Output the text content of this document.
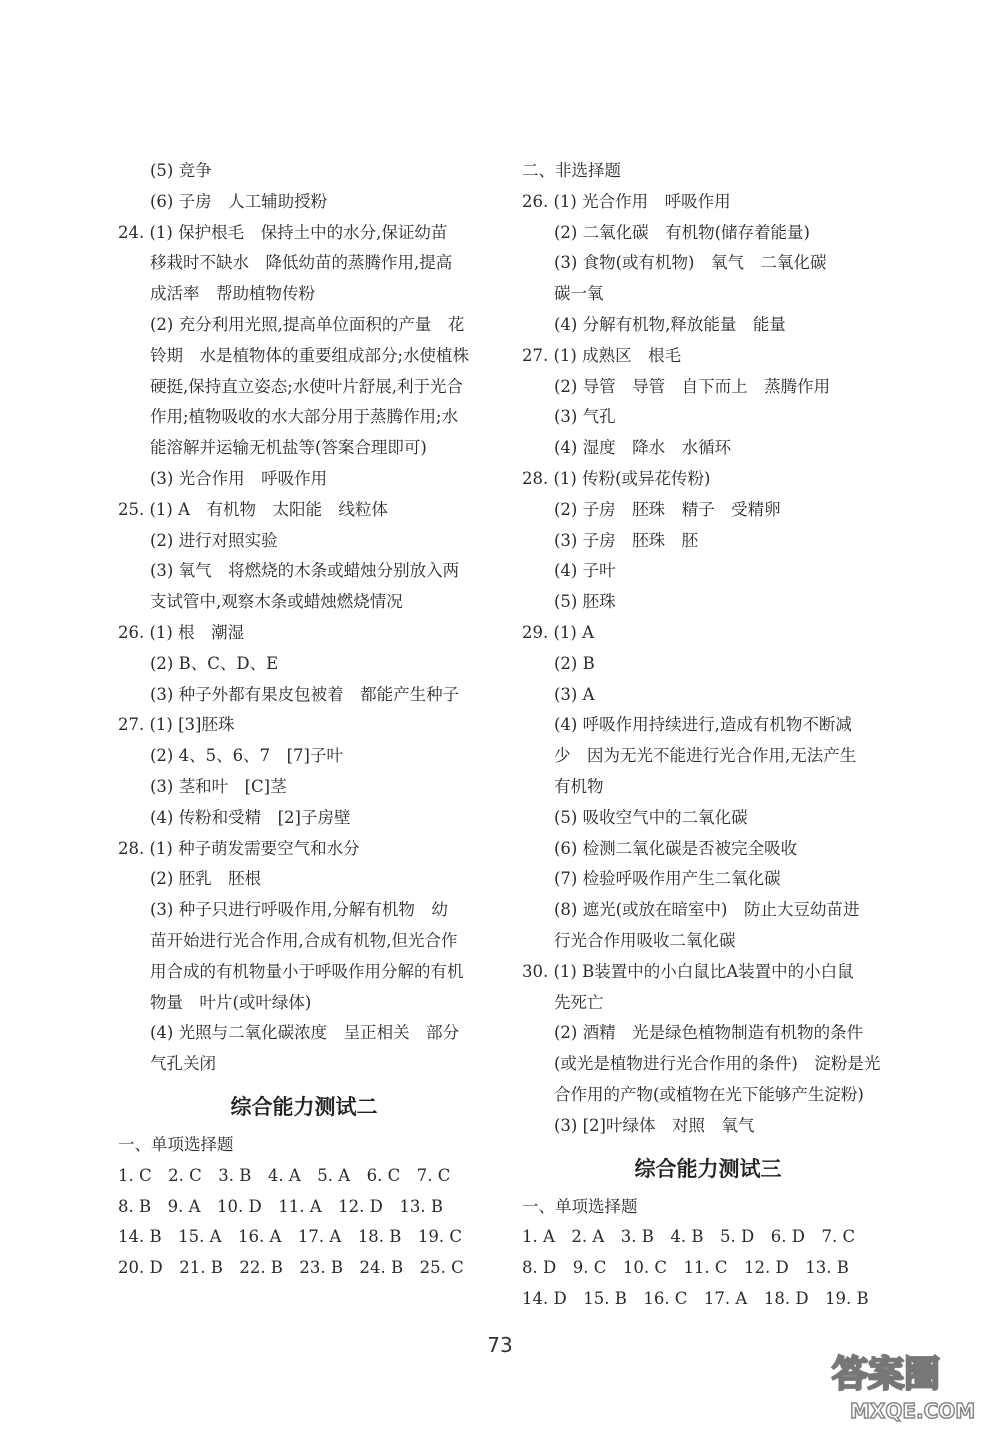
(5) 竞争
(6) 子房　人工辅助授粉
24. (1) 保护根毛　保持土中的水分,保证幼苗
移栽时不缺水　降低幼苗的蒸腾作用,提高
成活率　帮助植物传粉
(2) 充分利用光照,提高单位面积的产量　花
铃期　水是植物体的重要组成部分;水使植株
硬挺,保持直立姿态;水使叶片舒展,利于光合
作用;植物吸收的水大部分用于蒸腾作用;水
能溶解并运输无机盐等(答案合理即可)
(3) 光合作用　呼吸作用
25. (1) A　有机物　太阳能　线粒体
(2) 进行对照实验
(3) 氧气　将燃烧的木条或蜡烛分别放入两
支试管中,观察木条或蜡烛燃烧情况
26. (1) 根　潮湿
(2) B、C、D、E
(3) 种子外都有果皮包被着　都能产生种子
27. (1) [3]胚珠
(2) 4、5、6、7　[7]子叶
(3) 茎和叶　[C]茎
(4) 传粉和受精　[2]子房壁
28. (1) 种子萌发需要空气和水分
(2) 胚乳　胚根
(3) 种子只进行呼吸作用,分解有机物　幼
苗开始进行光合作用,合成有机物,但光合作
用合成的有机物量小于呼吸作用分解的有机
物量　叶片(或叶绿体)
(4) 光照与二氧化碳浓度　呈正相关　部分
气孔关闭
综合能力测试二
一、单项选择题
1. C　2. C　3. B　4. A　5. A　6. C　7. C
8. B　9. A　10. D　11. A　12. D　13. B
14. B　15. A　16. A　17. A　18. B　19. C
20. D　21. B　22. B　23. B　24. B　25. C
二、非选择题
26. (1) 光合作用　呼吸作用
(2) 二氧化碳　有机物(储存着能量)
(3) 食物(或有机物)　氧气　二氧化碳
碳一氧
(4) 分解有机物,释放能量　能量
27. (1) 成熟区　根毛
(2) 导管　导管　自下而上　蒸腾作用
(3) 气孔
(4) 湿度　降水　水循环
28. (1) 传粉(或异花传粉)
(2) 子房　胚珠　精子　受精卵
(3) 子房　胚珠　胚
(4) 子叶
(5) 胚珠
29. (1) A
(2) B
(3) A
(4) 呼吸作用持续进行,造成有机物不断减
少　因为无光不能进行光合作用,无法产生
有机物
(5) 吸收空气中的二氧化碳
(6) 检测二氧化碳是否被完全吸收
(7) 检验呼吸作用产生二氧化碳
(8) 遮光(或放在暗室中)　防止大豆幼苗进
行光合作用吸收二氧化碳
30. (1) B装置中的小白鼠比A装置中的小白鼠
先死亡
(2) 酒精　光是绿色植物制造有机物的条件
(或光是植物进行光合作用的条件)　淀粉是光
合作用的产物(或植物在光下能够产生淀粉)
(3) [2]叶绿体　对照　氧气
综合能力测试三
一、单项选择题
1. A　2. A　3. B　4. B　5. D　6. D　7. C
8. D　9. C　10. C　11. C　12. D　13. B
14. D　15. B　16. C　17. A　18. D　19. B
73
答案圈
MXQE.COM
